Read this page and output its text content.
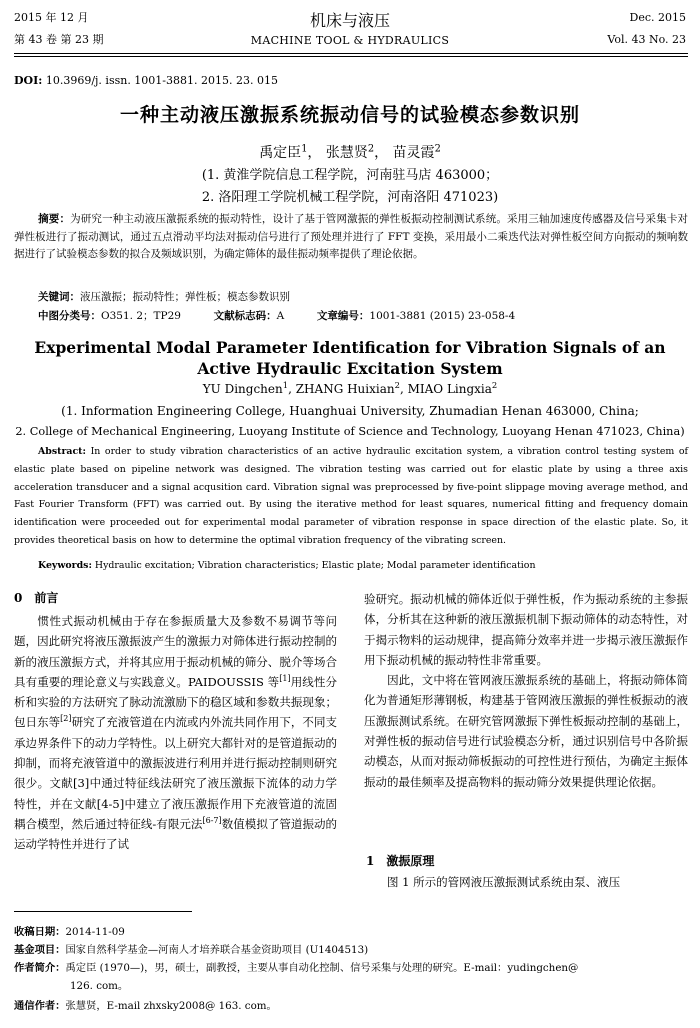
2015 年 12 月
第 43 卷 第 23 期
机床与液压
MACHINE TOOL & HYDRAULICS
Dec. 2015
Vol. 43 No. 23
DOI: 10.3969/j. issn. 1001-3881. 2015. 23. 015
一种主动液压激振系统振动信号的试验模态参数识别
禹定臣$^1$， 张慧贤$^2$， 苗灵霞$^2$
(1. 黄淮学院信息工程学院，河南驻马店 463000；
2. 洛阳理工学院机械工程学院，河南洛阳 471023)
摘要：为研究一种主动液压激振系统的振动特性，设计了基于管网激振的弹性板振动控制测试系统。采用三轴加速度传感器及信号采集卡对弹性板进行了振动测试，通过五点滑动平均法对振动信号进行了预处理并进行了 FFT 变换，采用最小二乘迭代法对弹性板空间方向振动的频响数据进行了试验模态参数的拟合及频域识别，为确定筛体的最佳振动频率提供了理论依据。
关键词：液压激振；振动特性；弹性板；模态参数识别
中图分类号：O351. 2；TP29	文献标志码：A	文章编号：1001-3881 (2015) 23-058-4
Experimental Modal Parameter Identification for Vibration Signals of an
Active Hydraulic Excitation System
YU Dingchen$^1$, ZHANG Huixian$^2$, MIAO Lingxia$^2$
(1. Information Engineering College, Huanghuai University, Zhumadian Henan 463000, China;
2. College of Mechanical Engineering, Luoyang Institute of Science and Technology, Luoyang Henan 471023, China)
Abstract: In order to study vibration characteristics of an active hydraulic excitation system, a vibration control testing system of elastic plate based on pipeline network was designed. The vibration testing was carried out for elastic plate by using a three axis acceleration transducer and a signal acqusition card. Vibration signal was preprocessed by five-point slippage moving average method, and Fast Fourier Transform (FFT) was carried out. By using the iterative method for least squares, numerical fitting and frequency domain identification were proceeded out for experimental modal parameter of vibration response in space direction of the elastic plate. So, it provides theoretical basis on how to determine the optimal vibration frequency of the vibrating screen.
Keywords: Hydraulic excitation; Vibration characteristics; Elastic plate; Modal parameter identification
0 前言
惯性式振动机械由于存在参振质量大及参数不易调节等问题，因此研究将液压激振波产生的激振力对筛体进行振动控制的新的液压激振方式，并将其应用于振动机械的筛分、脱介等场合具有重要的理论意义与实践意义。PAIDOUSSIS 等[1]用线性分析和实验的方法研究了脉动流激励下的稳区域和参数共振现象；包日东等[2]研究了充液管道在内流或内外流共同作用下，不同支承边界条件下的动力学特性。以上研究大都针对的是管道振动的抑制，而将充液管道中的激振波进行利用并进行振动控制则研究很少。文献[3]中通过特征线法研究了液压激振下流体的动力学特性，并在文献[4-5]中建立了液压激振作用下充液管道的流固耦合模型，然后通过特征线-有限元法[6-7]数值模拟了管道振动的运动学特性并进行了试
验研究。振动机械的筛体近似于弹性板，作为振动系统的主参振体，分析其在这种新的液压激振机制下振动筛体的动态特性，对于揭示物料的运动规律，提高筛分效率并进一步揭示液压激振作用下振动机械的振动特性非常重要。
因此，文中将在管网液压激振系统的基础上，将振动筛体简化为普通矩形薄钢板，构建基于管网液压激振的弹性板振动的液压激振测试系统。在研究管网激振下弹性板振动控制的基础上，对弹性板的振动信号进行试验模态分析，通过识别信号中各阶振动模态，从而对振动筛板振动的可控性进行预估，为确定主振体振动的最佳频率及提高物料的振动筛分效果提供理论依据。
1 激振原理
图 1 所示的管网液压激振测试系统由泵、液压
收稿日期：2014-11-09
基金项目：国家自然科学基金—河南人才培养联合基金资助项目 (U1404513)
作者简介：禹定臣 (1970—)，男，硕士，副教授，主要从事自动化控制、信号采集与处理的研究。E-mail：yudingchen@
126. com。
通信作者：张慧贤，E-mail zhxsky2008@ 163. com。
